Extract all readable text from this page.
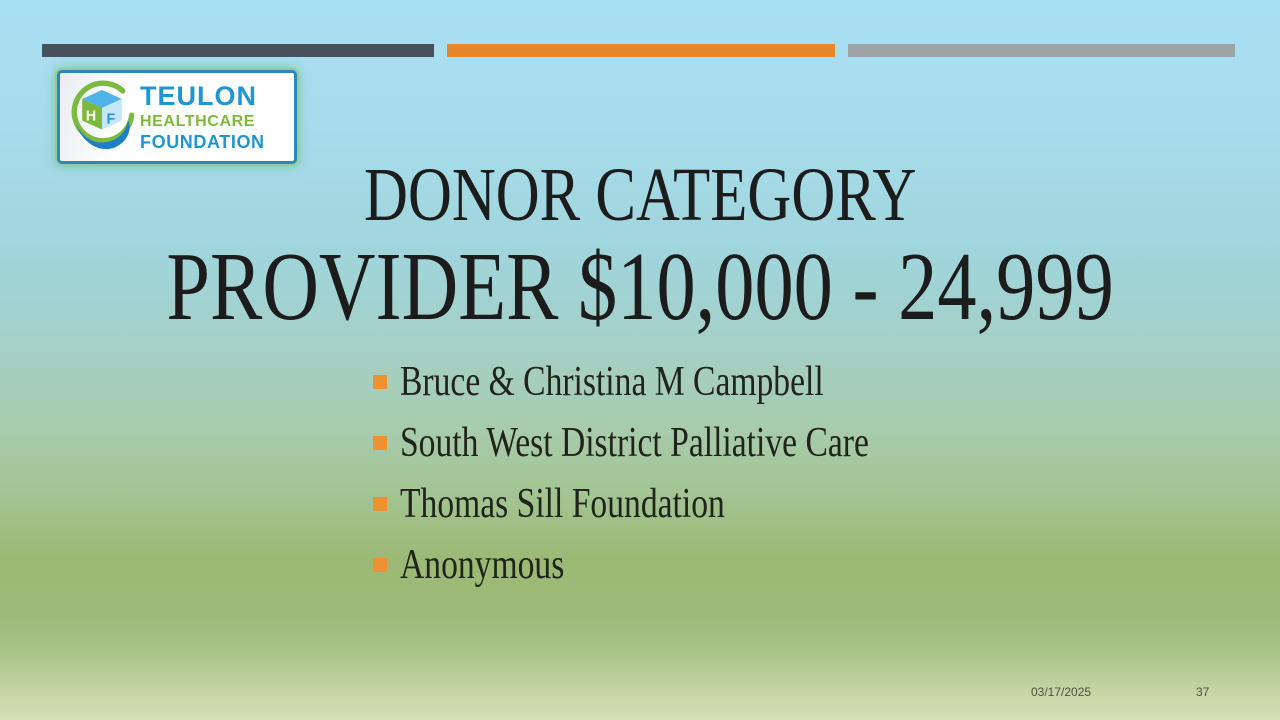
H F
TEULON
HEALTHCARE
FOUNDATION
DONOR CATEGORY
PROVIDER $10,000 - 24,999
Bruce & Christina M Campbell
South West District Palliative Care
Thomas Sill Foundation
Anonymous
03/17/2025	37
